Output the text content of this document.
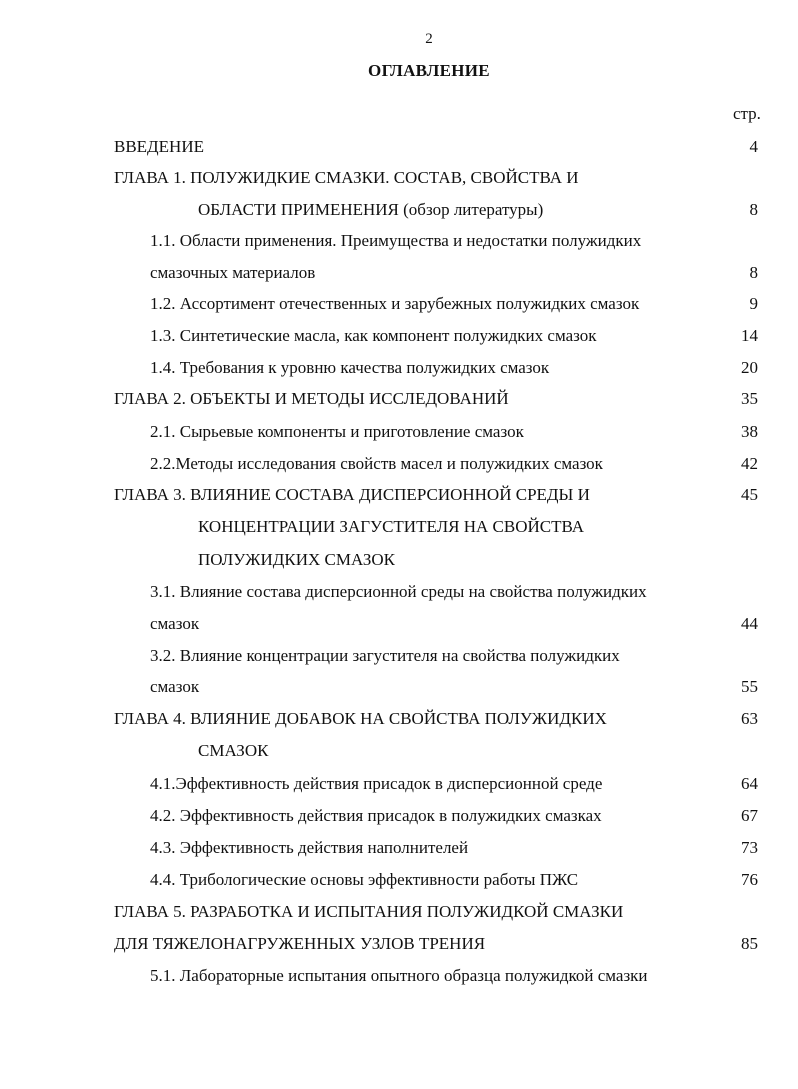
2
ОГЛАВЛЕНИЕ
стр.
ВВЕДЕНИЕ	4
ГЛАВА 1. ПОЛУЖИДКИЕ СМАЗКИ. СОСТАВ, СВОЙСТВА И
ОБЛАСТИ ПРИМЕНЕНИЯ (обзор литературы)	8
1.1. Области применения. Преимущества и недостатки полужидких
смазочных материалов	8
1.2. Ассортимент отечественных и зарубежных полужидких смазок	9
1.3. Синтетические масла, как компонент полужидких смазок	14
1.4. Требования к уровню качества полужидких смазок	20
ГЛАВА 2. ОБЪЕКТЫ И МЕТОДЫ ИССЛЕДОВАНИЙ	35
2.1. Сырьевые компоненты и приготовление смазок	38
2.2.Методы исследования свойств масел и полужидких смазок	42
ГЛАВА 3. ВЛИЯНИЕ СОСТАВА ДИСПЕРСИОННОЙ СРЕДЫ И	45
КОНЦЕНТРАЦИИ ЗАГУСТИТЕЛЯ НА СВОЙСТВА
ПОЛУЖИДКИХ СМАЗОК
3.1. Влияние состава дисперсионной среды на свойства полужидких
смазок	44
3.2. Влияние концентрации загустителя на свойства полужидких
смазок	55
ГЛАВА 4. ВЛИЯНИЕ ДОБАВОК НА СВОЙСТВА ПОЛУЖИДКИХ	63
СМАЗОК
4.1.Эффективность действия присадок в дисперсионной среде	64
4.2. Эффективность действия присадок в полужидких смазках	67
4.3. Эффективность действия наполнителей	73
4.4. Трибологические основы эффективности работы ПЖС	76
ГЛАВА 5. РАЗРАБОТКА И ИСПЫТАНИЯ ПОЛУЖИДКОЙ СМАЗКИ
ДЛЯ ТЯЖЕЛОНАГРУЖЕННЫХ УЗЛОВ ТРЕНИЯ	85
5.1. Лабораторные испытания опытного образца полужидкой смазки
